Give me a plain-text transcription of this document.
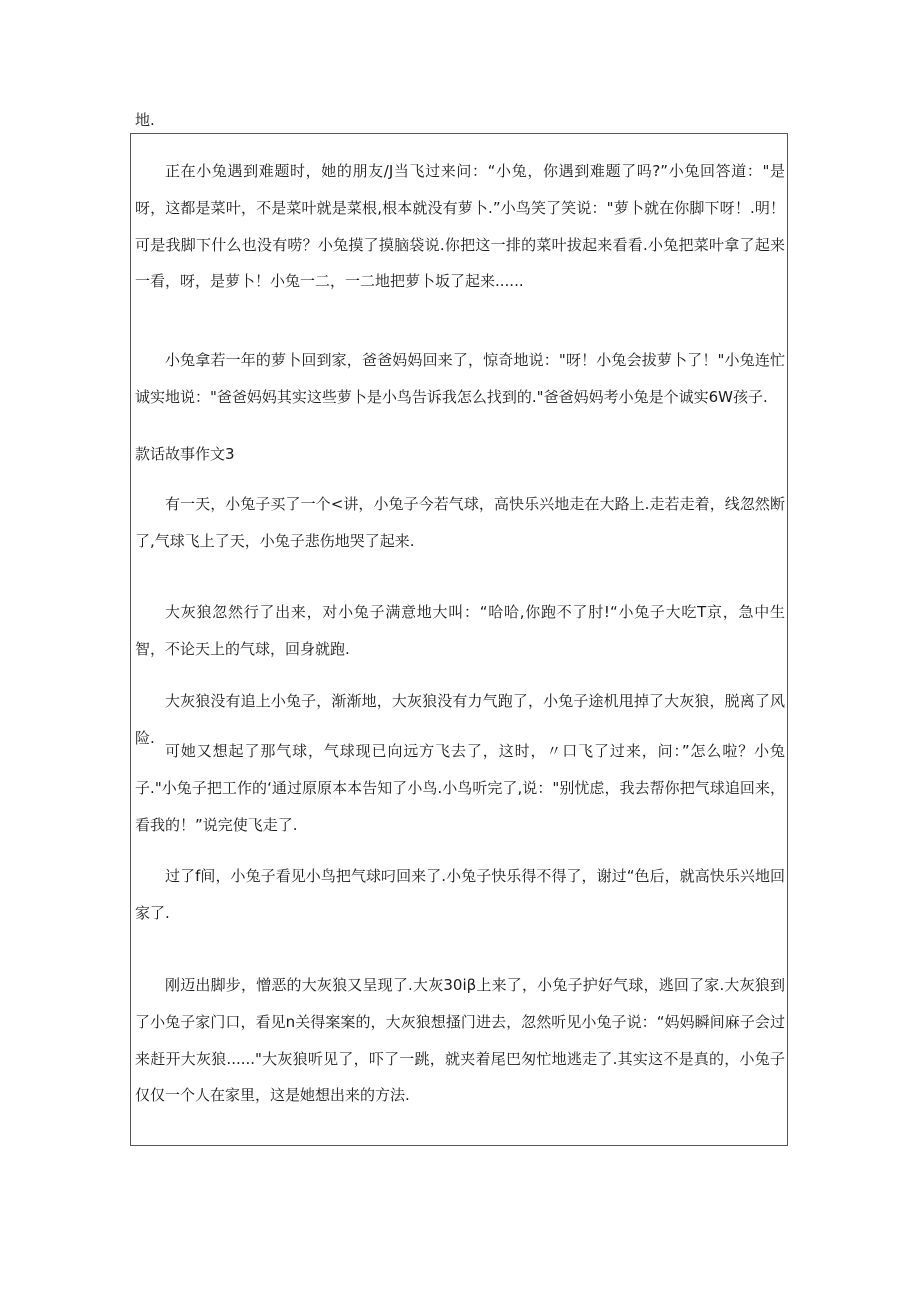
地.

正在小兔遇到难题时，她的朋友/J当飞过来问：“小兔，你遇到难题了吗?”小兔回答道："是呀，这都是菜叶，不是菜叶就是菜根,根本就没有萝卜.”小鸟笑了笑说："萝卜就在你脚下呀！.明！可是我脚下什么也没有唠？小兔摸了摸脑袋说.你把这一排的菜叶拔起来看看.小兔把菜叶拿了起来一看，呀，是萝卜！小兔一二，一二地把萝卜坂了起来......

小兔拿若一年的萝卜回到家，爸爸妈妈回来了，惊奇地说："呀！小兔会拔萝卜了！"小兔连忙诚实地说："爸爸妈妈其实这些萝卜是小鸟告诉我怎么找到的."爸爸妈妈考小兔是个诚实6W孩子.

款话故事作文3

有一天，小兔子买了一个<讲，小兔子今若气球，高快乐兴地走在大路上.走若走着，线忽然断了,气球飞上了天，小兔子悲伤地哭了起来.

大灰狼忽然行了出来，对小兔子满意地大叫：“哈哈,你跑不了肘!“小兔子大吃T京，急中生智，不论天上的气球，回身就跑.

大灰狼没有追上小兔子，渐渐地，大灰狼没有力气跑了，小兔子途机甩掉了大灰狼，脱离了风险.

可她又想起了那气球，气球现已向远方飞去了，这时，〃口飞了过来，问：”怎么啦？小兔子."小兔子把工作的‘通过原原本本告知了小鸟.小鸟听完了,说："别忧虑，我去帮你把气球追回来，看我的！”说完使飞走了.

过了f间，小兔子看见小鸟把气球叼回来了.小兔子快乐得不得了，谢过“色后，就高快乐兴地回家了.

刚迈出脚步，憎恶的大灰狼又呈现了.大灰30iβ上来了，小兔子护好气球，逃回了家.大灰狼到了小兔子家门口，看见n关得案案的，大灰狼想搔门进去，忽然听见小兔子说：“妈妈瞬间麻子会过来赶开大灰狼......"大灰狼听见了，吓了一跳，就夹着尾巴匆忙地逃走了.其实这不是真的，小兔子仅仅一个人在家里，这是她想出来的方法.
